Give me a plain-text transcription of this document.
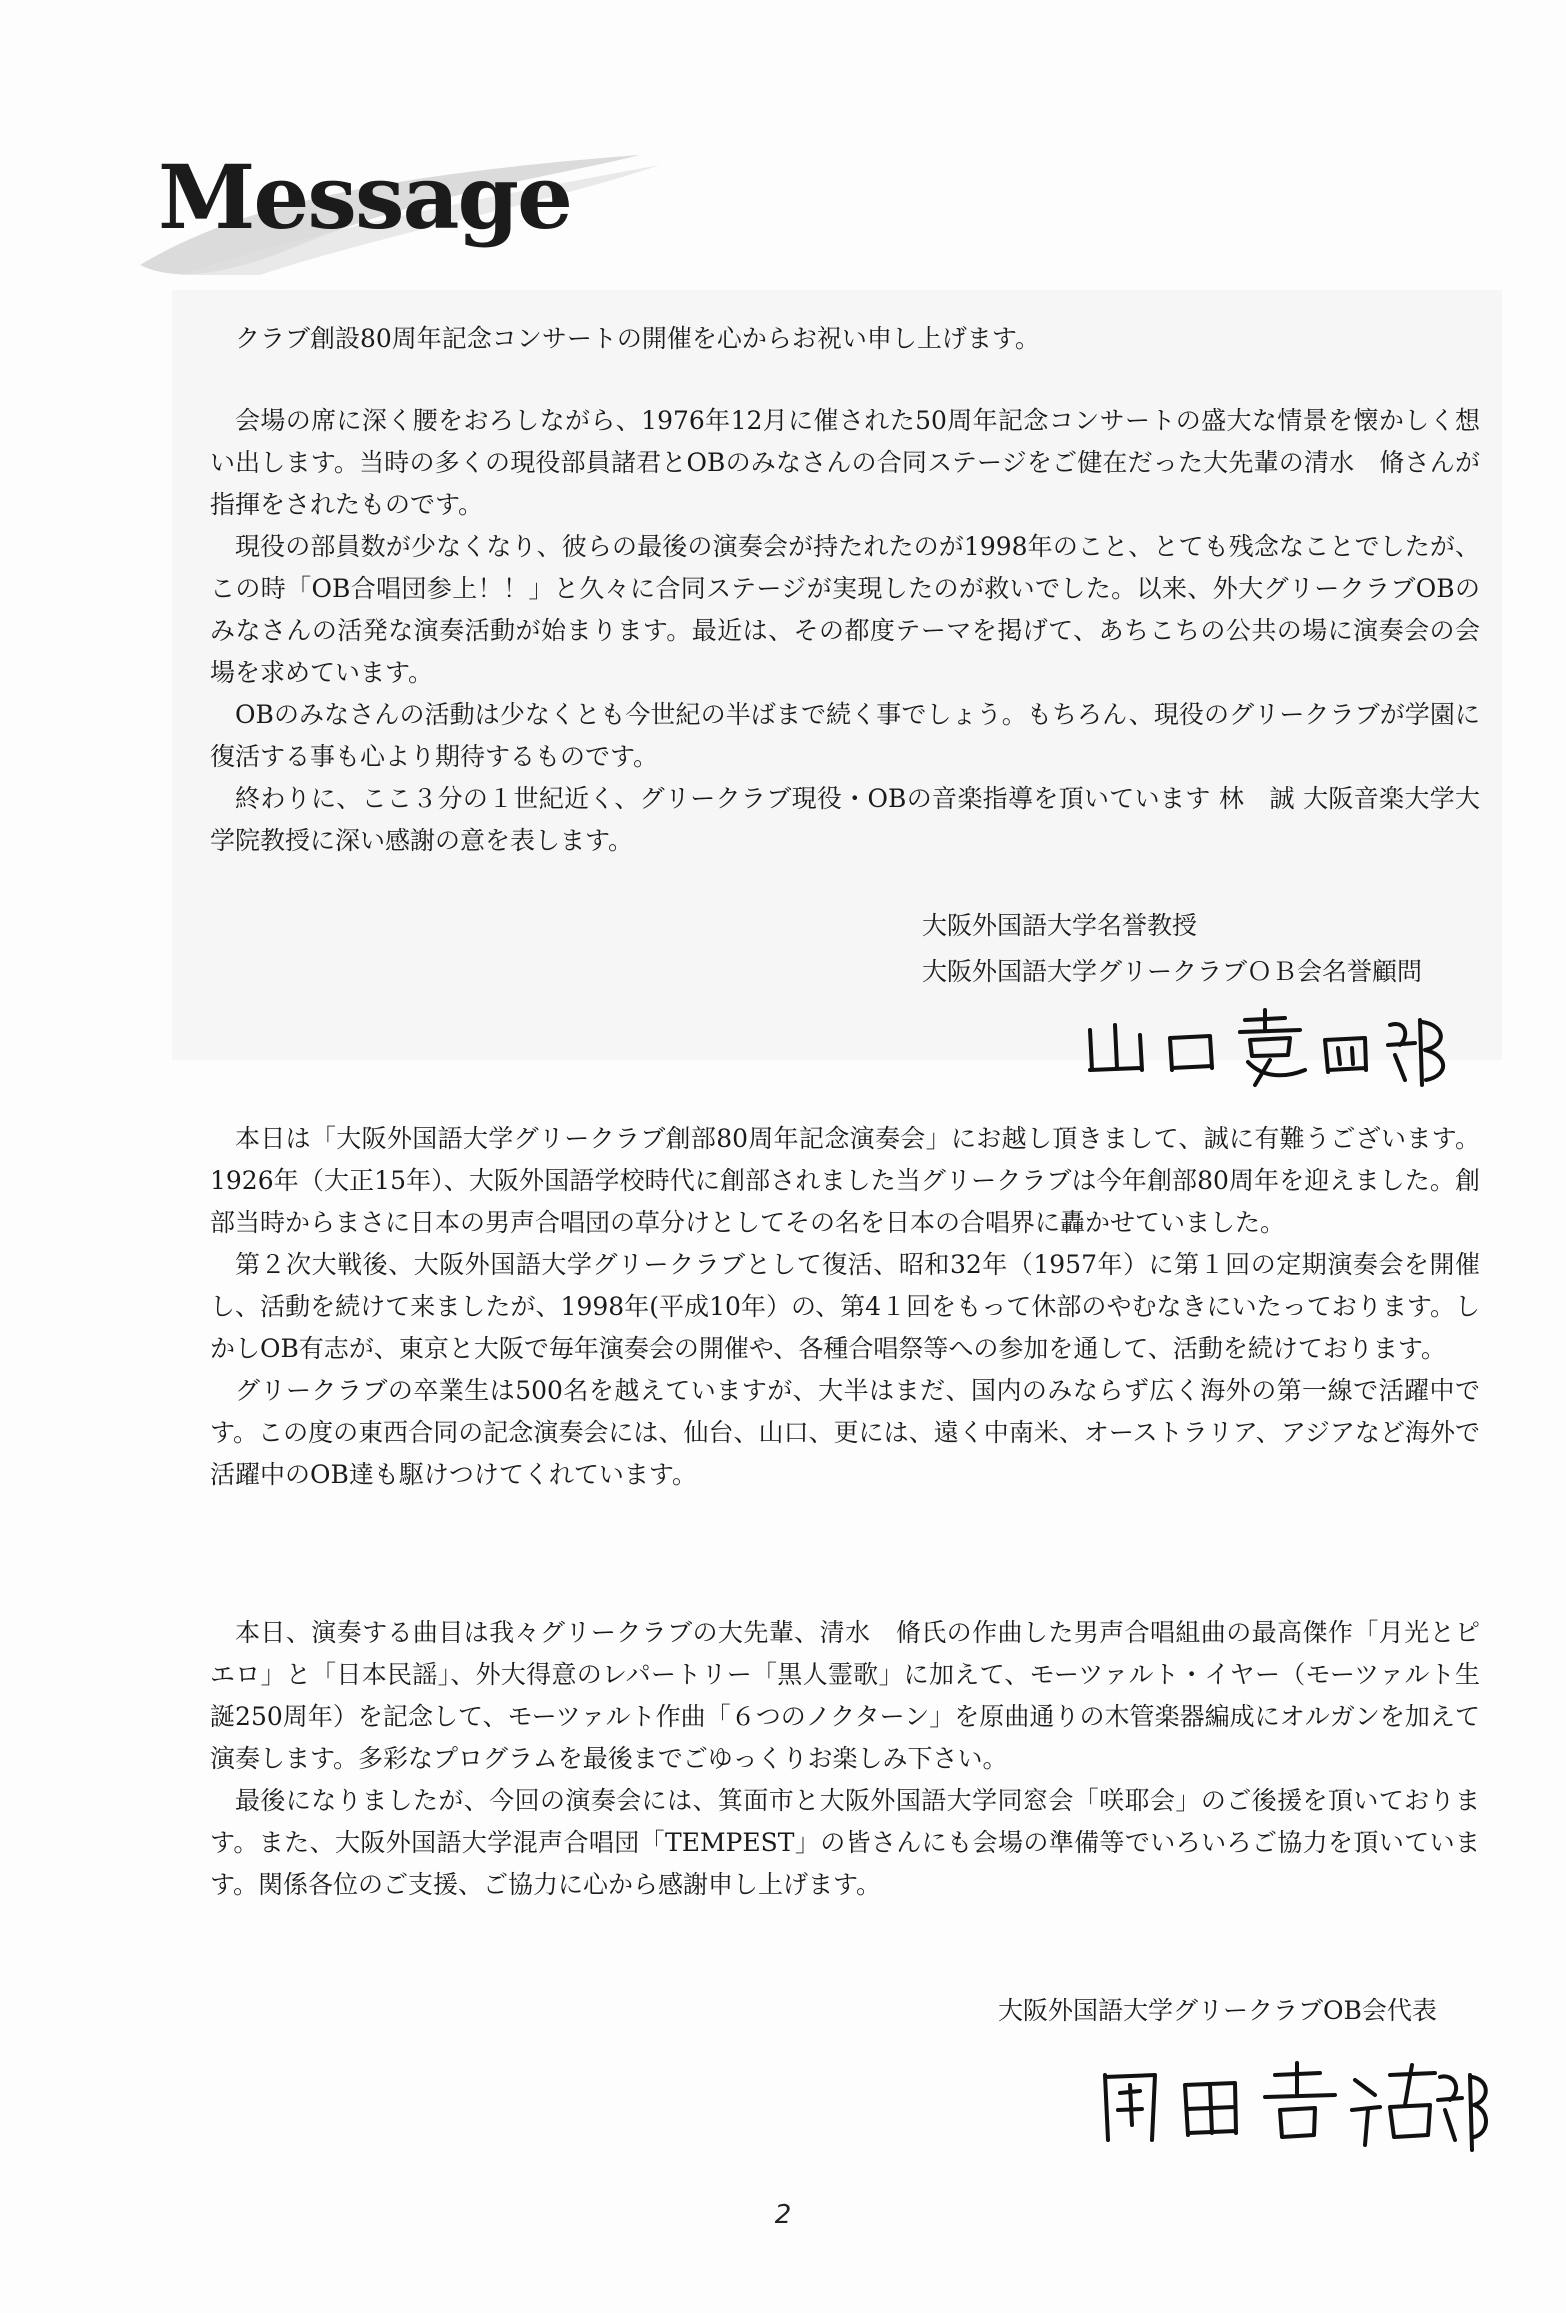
Message

クラブ創設80周年記念コンサートの開催を心からお祝い申し上げます。

会場の席に深く腰をおろしながら、1976年12月に催された50周年記念コンサートの盛大な情景を懐かしく想い出します。当時の多くの現役部員諸君とOBのみなさんの合同ステージをご健在だった大先輩の清水　脩さんが指揮をされたものです。

現役の部員数が少なくなり、彼らの最後の演奏会が持たれたのが1998年のこと、とても残念なことでしたが、この時「OB合唱団参上！！」と久々に合同ステージが実現したのが救いでした。以来、外大グリークラブOBのみなさんの活発な演奏活動が始まります。最近は、その都度テーマを掲げて、あちこちの公共の場に演奏会の会場を求めています。

OBのみなさんの活動は少なくとも今世紀の半ばまで続く事でしょう。もちろん、現役のグリークラブが学園に復活する事も心より期待するものです。

終わりに、ここ３分の１世紀近く、グリークラブ現役・OBの音楽指導を頂いています 林　誠 大阪音楽大学大学院教授に深い感謝の意を表します。

大阪外国語大学名誉教授

大阪外国語大学グリークラブＯＢ会名誉顧問

本日は「大阪外国語大学グリークラブ創部80周年記念演奏会」にお越し頂きまして、誠に有難うございます。1926年（大正15年）、大阪外国語学校時代に創部されました当グリークラブは今年創部80周年を迎えました。創部当時からまさに日本の男声合唱団の草分けとしてその名を日本の合唱界に轟かせていました。

第２次大戦後、大阪外国語大学グリークラブとして復活、昭和32年（1957年）に第１回の定期演奏会を開催し、活動を続けて来ましたが、1998年(平成10年）の、第4１回をもって休部のやむなきにいたっております。しかしOB有志が、東京と大阪で毎年演奏会の開催や、各種合唱祭等への参加を通して、活動を続けております。

グリークラブの卒業生は500名を越えていますが、大半はまだ、国内のみならず広く海外の第一線で活躍中です。この度の東西合同の記念演奏会には、仙台、山口、更には、遠く中南米、オーストラリア、アジアなど海外で活躍中のOB達も駆けつけてくれています。

本日、演奏する曲目は我々グリークラブの大先輩、清水　脩氏の作曲した男声合唱組曲の最高傑作「月光とピエロ」と「日本民謡」、外大得意のレパートリー「黒人霊歌」に加えて、モーツァルト・イヤー（モーツァルト生誕250周年）を記念して、モーツァルト作曲「６つのノクターン」を原曲通りの木管楽器編成にオルガンを加えて演奏します。多彩なプログラムを最後までごゆっくりお楽しみ下さい。

最後になりましたが、今回の演奏会には、箕面市と大阪外国語大学同窓会「咲耶会」のご後援を頂いております。また、大阪外国語大学混声合唱団「TEMPEST」の皆さんにも会場の準備等でいろいろご協力を頂いています。関係各位のご支援、ご協力に心から感謝申し上げます。

大阪外国語大学グリークラブOB会代表

2
